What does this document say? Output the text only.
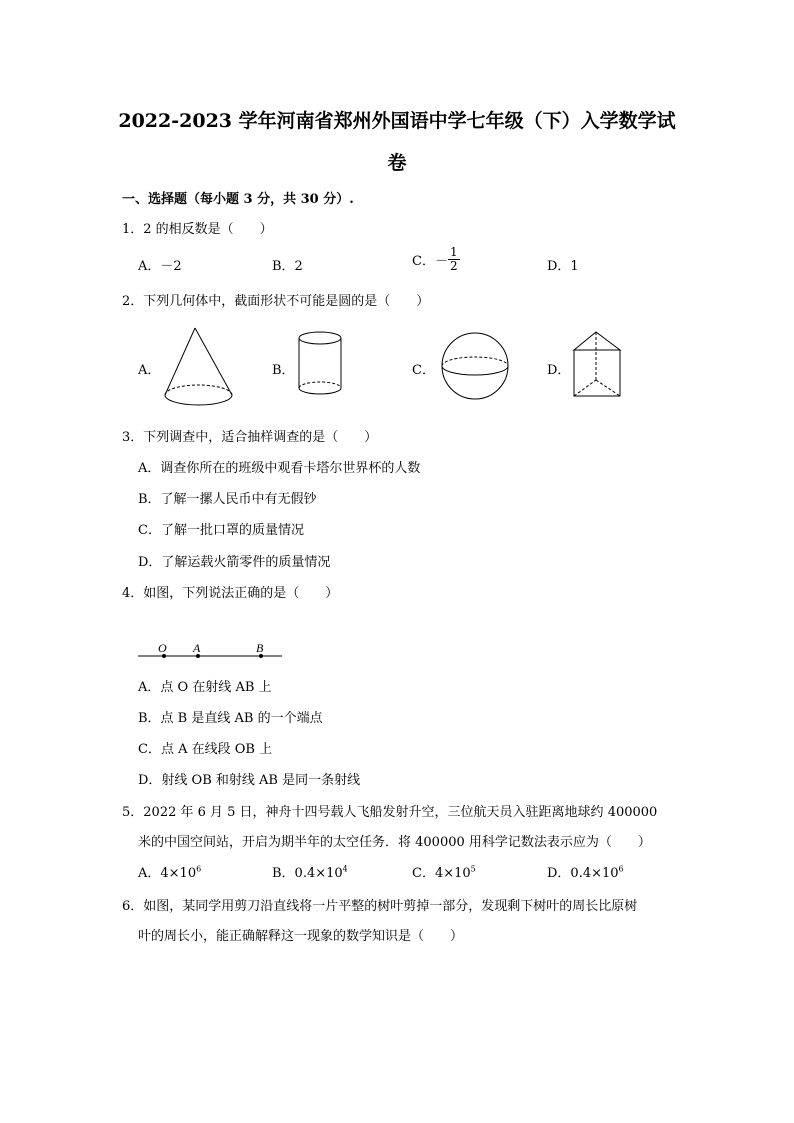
2022-2023 学年河南省郑州外国语中学七年级（下）入学数学试
卷
一、选择题（每小题 3 分，共 30 分）.
1．2 的相反数是（　　）
A．－2	B．2	C．－ $\frac{1}{2}$	D．1
2．下列几何体中，截面形状不可能是圆的是（　　）
A．	B．	C．	D．
3．下列调查中，适合抽样调查的是（　　）
A．调查你所在的班级中观看卡塔尔世界杯的人数
B．了解一摞人民币中有无假钞
C．了解一批口罩的质量情况
D．了解运载火箭零件的质量情况
4．如图，下列说法正确的是（　　）
O A	B
A．点 O 在射线 AB 上
B．点 B 是直线 AB 的一个端点
C．点 A 在线段 OB 上
D．射线 OB 和射线 AB 是同一条射线
5．2022 年 6 月 5 日，神舟十四号载人飞船发射升空，三位航天员入驻距离地球约 400000
米的中国空间站，开启为期半年的太空任务．将 400000 用科学记数法表示应为（　　）
A．$4\times 10^6$	B．$0.4\times 10^4$	C．$4\times 10^5$	D．$0.4\times 10^6$
6．如图，某同学用剪刀沿直线将一片平整的树叶剪掉一部分，发现剩下树叶的周长比原树
叶的周长小，能正确解释这一现象的数学知识是（　　）
